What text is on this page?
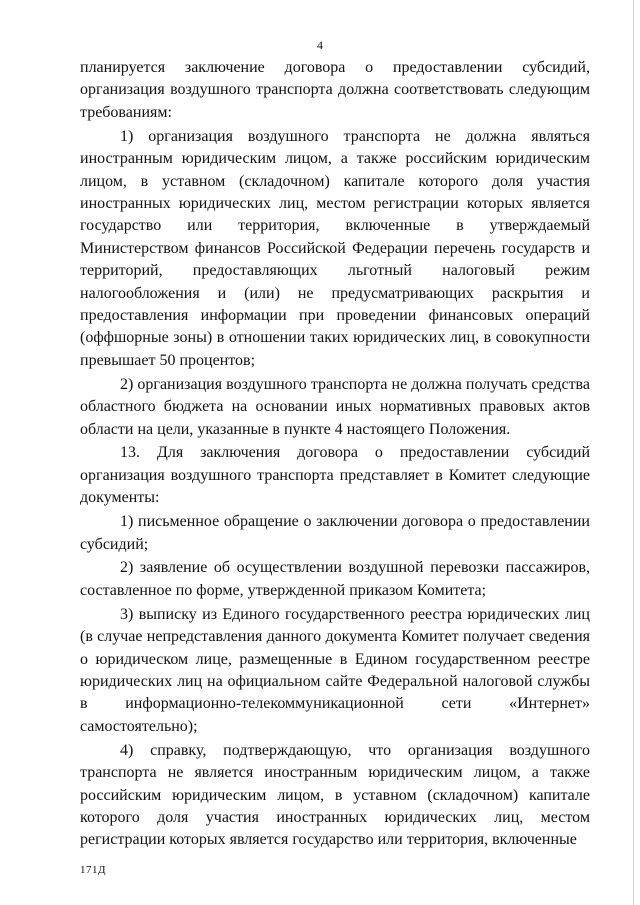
4

планируется заключение договора о предоставлении субсидий, организация воздушного транспорта должна соответствовать следующим требованиям:

1) организация воздушного транспорта не должна являться иностранным юридическим лицом, а также российским юридическим лицом, в уставном (складочном) капитале которого доля участия иностранных юридических лиц, местом регистрации которых является государство или территория, включенные в утверждаемый Министерством финансов Российской Федерации перечень государств и территорий, предоставляющих льготный налоговый режим налогообложения и (или) не предусматривающих раскрытия и предоставления информации при проведении финансовых операций (оффшорные зоны) в отношении таких юридических лиц, в совокупности превышает 50 процентов;

2) организация воздушного транспорта не должна получать средства областного бюджета на основании иных нормативных правовых актов области на цели, указанные в пункте 4 настоящего Положения.

13. Для заключения договора о предоставлении субсидий организация воздушного транспорта представляет в Комитет следующие документы:

1) письменное обращение о заключении договора о предоставлении субсидий;

2) заявление об осуществлении воздушной перевозки пассажиров, составленное по форме, утвержденной приказом Комитета;

3) выписку из Единого государственного реестра юридических лиц (в случае непредставления данного документа Комитет получает сведения о юридическом лице, размещенные в Едином государственном реестре юридических лиц на официальном сайте Федеральной налоговой службы в информационно-телекоммуникационной сети «Интернет» самостоятельно);

4) справку, подтверждающую, что организация воздушного транспорта не является иностранным юридическим лицом, а также российским юридическим лицом, в уставном (складочном) капитале которого доля участия иностранных юридических лиц, местом регистрации которых является государство или территория, включенные

171Д
